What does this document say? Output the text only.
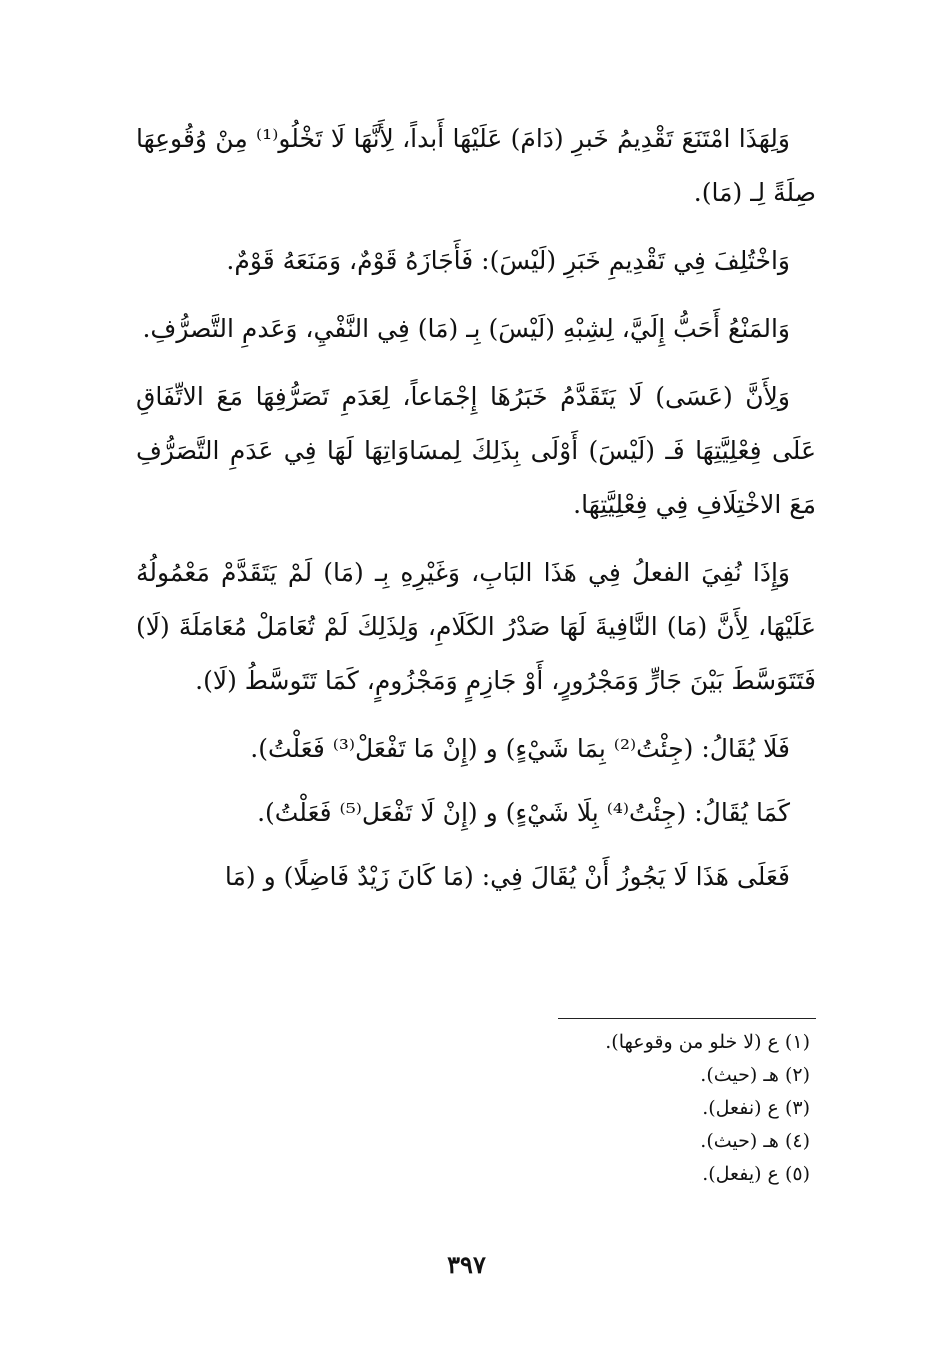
وَلِهَذَا امْتَنَعَ تَقْدِيمُ خَبرِ (دَامَ) عَلَيْهَا أَبداً، لِأَنَّهَا لَا تَخْلُو⁽¹⁾ مِنْ وُقُوعِهَا صِلَةً لِـ (مَا).

وَاخْتُلِفَ فِي تَقْدِيمِ خَبَرِ (لَيْسَ): فَأَجَازَهُ قَوْمٌ، وَمَنَعَهُ قَوْمٌ.

وَالمَنْعُ أَحَبُّ إِلَيَّ، لِشِبْهِ (لَيْسَ) بِـ (مَا) فِي النَّفْيِ، وَعَدمِ التَّصرُّفِ.

وَلِأَنَّ (عَسَى) لَا يَتَقَدَّمُ خَبَرُهَا إِجْمَاعاً، لِعَدَمِ تَصَرُّفِهَا مَعَ الاتِّفَاقِ عَلَى فِعْلِيَّتِهَا فَـ (لَيْسَ) أَوْلَى بِذَلِكَ لِمسَاوَاتِهَا لَهَا فِي عَدَمِ التَّصَرُّفِ مَعَ الاخْتِلَافِ فِي فِعْلِيَّتِهَا.

وَإِذَا نُفِيَ الفعلُ فِي هَذَا البَابِ، وَغَيْرِهِ بِـ (مَا) لَمْ يَتَقَدَّمْ مَعْمُولُهُ عَلَيْهَا، لِأَنَّ (مَا) النَّافِيةَ لَهَا صَدْرُ الكَلَامِ، وَلِذَلِكَ لَمْ تُعَامَلْ مُعَامَلَةَ (لَا) فَتَتَوَسَّطَ بَيْنَ جَارٍّ وَمَجْرُورٍ، أَوْ جَازِمٍ وَمَجْزُومٍ، كَمَا تَتَوسَّطُ (لَا).

فَلَا يُقَالُ: (جِئْتُ⁽²⁾ بِمَا شَيْءٍ) و (إِنْ مَا تَفْعَلْ⁽³⁾ فَعَلْتُ).

كَمَا يُقَالُ: (جِئْتُ⁽⁴⁾ بِلَا شَيْءٍ) و (إِنْ لَا تَفْعَل⁽⁵⁾ فَعَلْتُ).

فَعَلَى هَذَا لَا يَجُوزُ أَنْ يُقَالَ فِي: (مَا كَانَ زَيْدٌ فَاضِلًا) و (مَا

(١) ع (لا خلو من وقوعها).

(٢) هـ (حيث).

(٣) ع (نفعل).

(٤) هـ (حيث).

(٥) ع (يفعل).

٣٩٧
